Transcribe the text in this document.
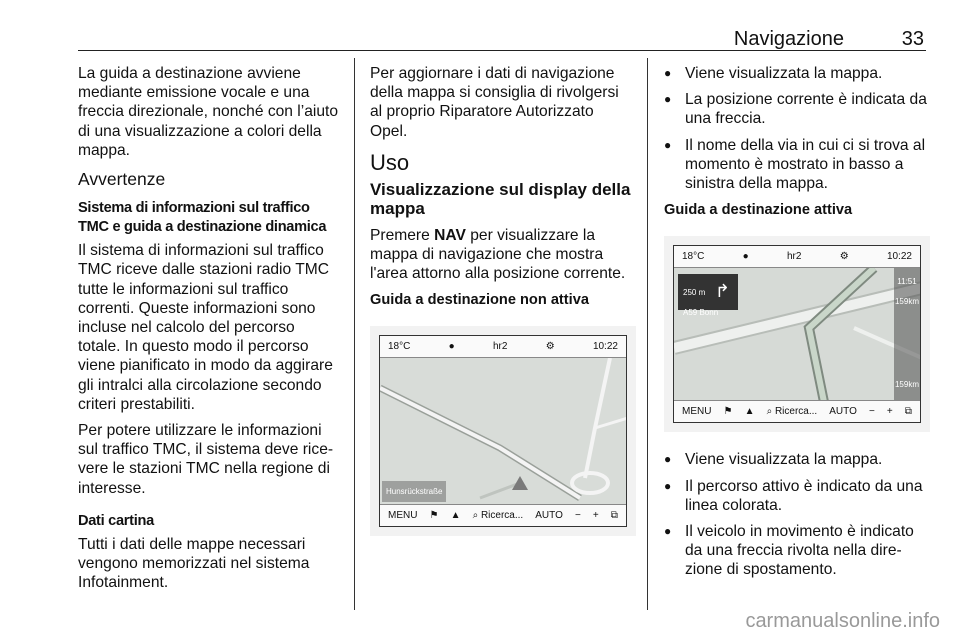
Navigazione	33

La guida a destinazione avviene mediante emissione vocale e una freccia direzionale, nonché con l’aiuto di una visualizzazione a colori della mappa.

Avvertenze
Sistema di informazioni sul traffico TMC e guida a destinazione dinamica

Il sistema di informazioni sul traffico TMC riceve dalle stazioni radio TMC tutte le informazioni sul traffico correnti. Queste informazioni sono incluse nel calcolo del percorso totale. In questo modo il percorso viene pianificato in modo da aggirare gli intralci alla circolazione secondo criteri prestabiliti.

Per potere utilizzare le informazioni sul traffico TMC, il sistema deve rice-vere le stazioni TMC nella regione di interesse.

Dati cartina

Tutti i dati delle mappe necessari vengono memorizzati nel sistema Infotainment.

Per aggiornare i dati di navigazione della mappa si consiglia di rivolgersi al proprio Riparatore Autorizzato Opel.

Uso
Visualizzazione sul display della mappa

Premere NAV per visualizzare la mappa di navigazione che mostra l'area attorno alla posizione corrente.

Guida a destinazione non attiva
18°C	●	hr2	⚙	10:22
Hunsrückstraße
MENU ⚑ ▲ ⌕ Ricerca... AUTO − + ⧉
● Viene visualizzata la mappa.
● La posizione corrente è indicata da una freccia.
● Il nome della via in cui ci si trova al momento è mostrato in basso a sinistra della mappa.
Guida a destinazione attiva
18°C	●	hr2	⚙	10:22
250 m
A59 Bonn
↱	11:51
159km
159km
MENU ⚑ ▲ ⌕ Ricerca... AUTO − + ⧉
● Viene visualizzata la mappa.
● Il percorso attivo è indicato da una linea colorata.
● Il veicolo in movimento è indicato da una freccia rivolta nella dire-zione di spostamento.
carmanualsonline.info
